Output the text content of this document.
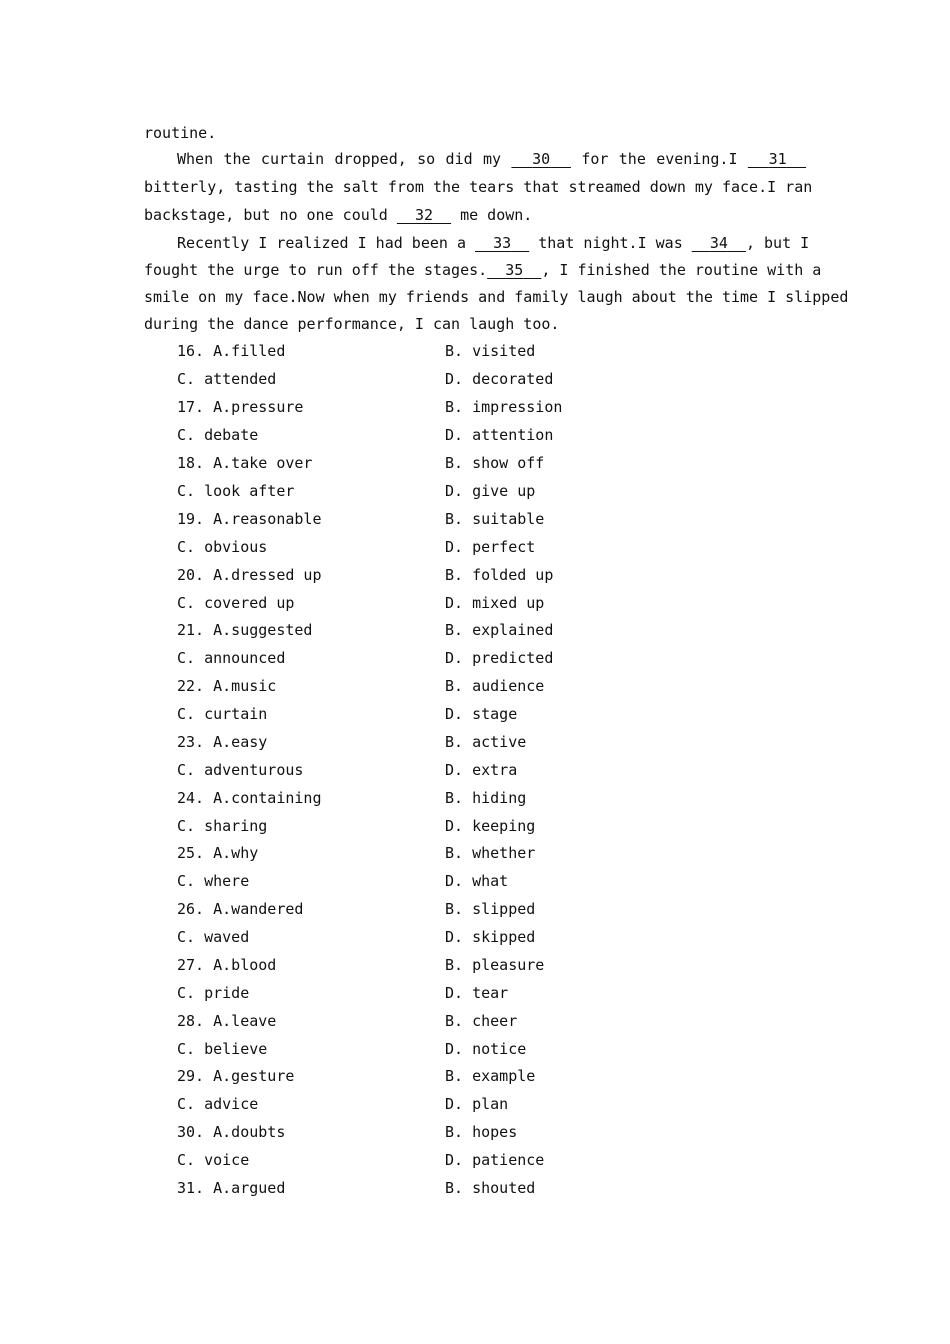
routine.
When the curtain dropped, so did my   30   for the evening.I   31
bitterly, tasting the salt from the tears that streamed down my face.I ran
backstage, but no one could   32   me down.
Recently I realized I had been a   33   that night.I was   34 , but I
fought the urge to run off the stages. 35 , I finished the routine with a
smile on my face.Now when my friends and family laugh about the time I slipped
during the dance performance, I can laugh too.
16. A.filled	B. visited
C. attended	D. decorated
17. A.pressure	B. impression
C. debate	D. attention
18. A.take over	B. show off
C. look after	D. give up
19. A.reasonable	B. suitable
C. obvious	D. perfect
20. A.dressed up	B. folded up
C. covered up	D. mixed up
21. A.suggested	B. explained
C. announced	D. predicted
22. A.music	B. audience
C. curtain	D. stage
23. A.easy	B. active
C. adventurous	D. extra
24. A.containing	B. hiding
C. sharing	D. keeping
25. A.why	B. whether
C. where	D. what
26. A.wandered	B. slipped
C. waved	D. skipped
27. A.blood	B. pleasure
C. pride	D. tear
28. A.leave	B. cheer
C. believe	D. notice
29. A.gesture	B. example
C. advice	D. plan
30. A.doubts	B. hopes
C. voice	D. patience
31. A.argued	B. shouted
